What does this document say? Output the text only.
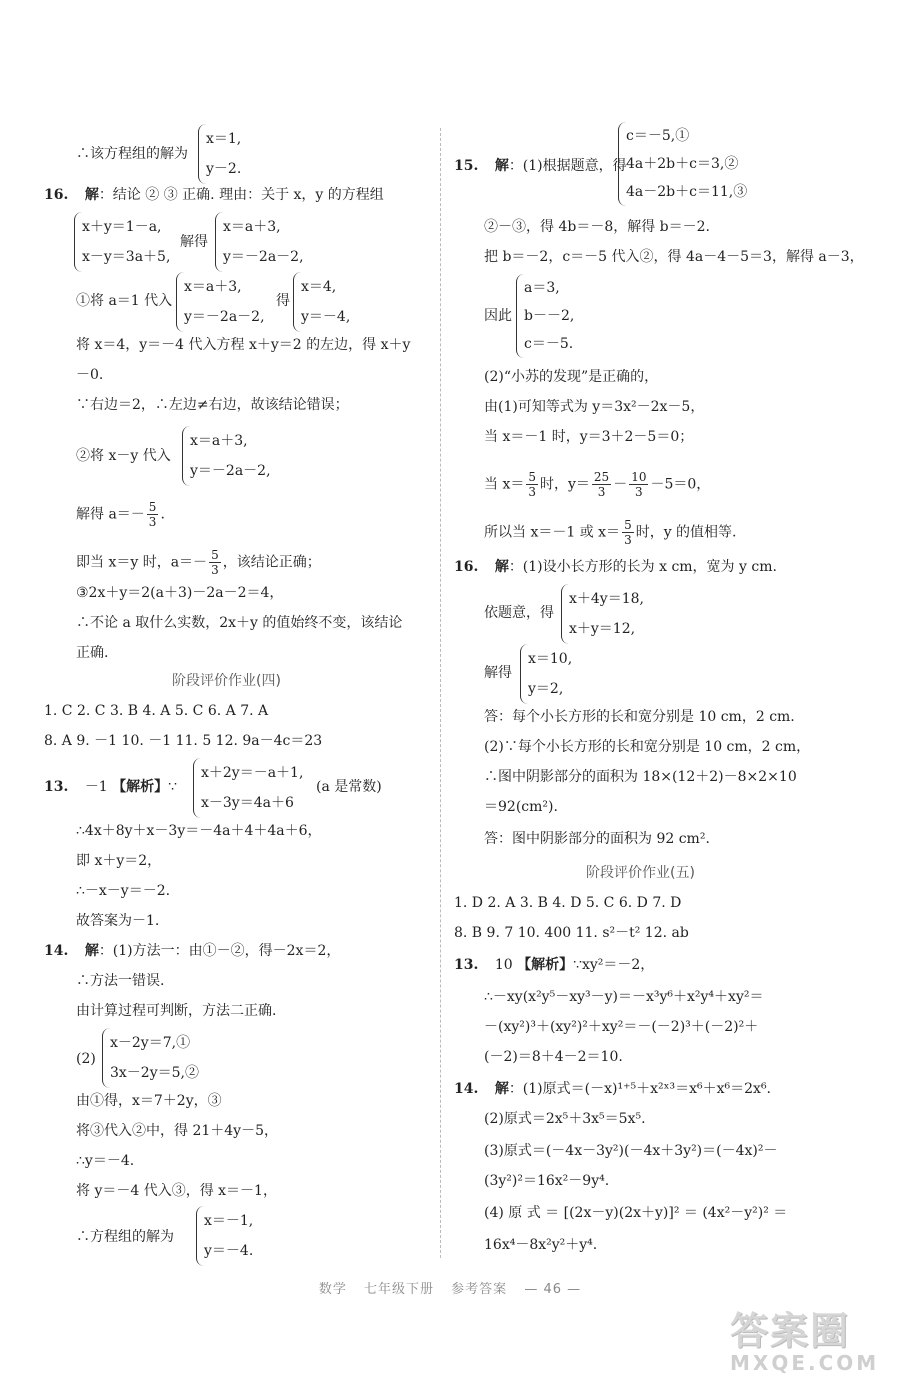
∴该方程组的解为
x＝1,
y－2.
16. 解：结论 ② ③ 正确. 理由：关于 x，y 的方程组
x＋y＝1－a,
x－y＝3a＋5,
解得
x＝a＋3,
y＝－2a－2,
①将 a＝1 代入
x＝a＋3,
y＝－2a－2,
得
x＝4,
y＝－4,
将 x＝4，y＝－4 代入方程 x＋y＝2 的左边，得 x＋y
－0.
∵右边＝2，∴左边≠右边，故该结论错误；
②将 x－y 代入
x＝a＋3,
y＝－2a－2,
解得 $a=- \frac{5}{3}$ .
即当 x＝y 时，$a=- \frac{5}{3}$ ，该结论正确；
③2x＋y＝2(a＋3)－2a－2＝4，
∴不论 a 取什么实数，2x＋y 的值始终不变，该结论
正确.
阶段评价作业(四)
1. C 2. C 3. B 4. A 5. C 6. A 7. A
8. A 9. －1 10. －1 11. 5 12. 9a－4c＝23
13. －1 【解析】∵
x＋2y＝－a＋1,
x－3y＝4a＋6
(a 是常数)
∴4x＋8y＋x－3y＝－4a＋4＋4a＋6，
即 x＋y＝2，
∴－x－y＝－2.
故答案为－1.
14. 解：(1)方法一：由①－②，得－2x＝2，
∴方法一错误.
由计算过程可判断，方法二正确.
(2)
x－2y＝7,①
3x－2y＝5,②
由①得，x＝7＋2y，③
将③代入②中，得 21＋4y－5，
∴y＝－4.
将 y＝－4 代入③，得 x＝－1，
∴方程组的解为
x＝－1,
y＝－4.
c＝－5,①
4a＋2b＋c＝3,②
4a－2b＋c＝11,③
15. 解：(1)根据题意，得
②－③，得 4b＝－8，解得 b＝－2.
把 b＝－2，c＝－5 代入②，得 4a－4－5＝3，解得 a－3，
因此
a＝3,
b－－2,
c＝－5.
(2)“小苏的发现”是正确的，
由(1)可知等式为 y＝3x²－2x－5，
当 x＝－1 时，y＝3＋2－5＝0；
当 $x= \frac{5}{3}$ 时，$y= \frac{25}{3} - \frac{10}{3} -5=0$，
所以当 x＝－1 或 $x= \frac{5}{3}$ 时，y 的值相等.
16. 解：(1)设小长方形的长为 x cm，宽为 y cm.
依题意，得
x＋4y＝18,
x＋y＝12,
解得
x＝10,
y＝2,
答：每个小长方形的长和宽分别是 10 cm，2 cm.
(2)∵每个小长方形的长和宽分别是 10 cm，2 cm，
∴图中阴影部分的面积为 18×(12＋2)－8×2×10
＝92(cm²).
答：图中阴影部分的面积为 92 cm².
阶段评价作业(五)
1. D 2. A 3. B 4. D 5. C 6. D 7. D
8. B 9. 7 10. 400 11. s²－t² 12. ab
13. 10 【解析】∵xy²＝－2，
∴－xy(x²y⁵－xy³－y)＝－x³y⁶＋x²y⁴＋xy²＝
－(xy²)³＋(xy²)²＋xy²＝－(－2)³＋(－2)²＋
(－2)＝8＋4－2＝10.
14. 解：(1)原式＝(－x)¹⁺⁵＋x²ˣ³＝x⁶＋x⁶＝2x⁶.
(2)原式＝2x⁵＋3x⁵＝5x⁵.
(3)原式＝(－4x－3y²)(－4x＋3y²)＝(－4x)²－
(3y²)²＝16x²－9y⁴.
(4) 原 式 ＝ [(2x－y)(2x＋y)]² ＝ (4x²－y²)² ＝
16x⁴－8x²y²＋y⁴.
数学 七年级下册 参考答案 — 46 —
答案圈
MXQE.COM
